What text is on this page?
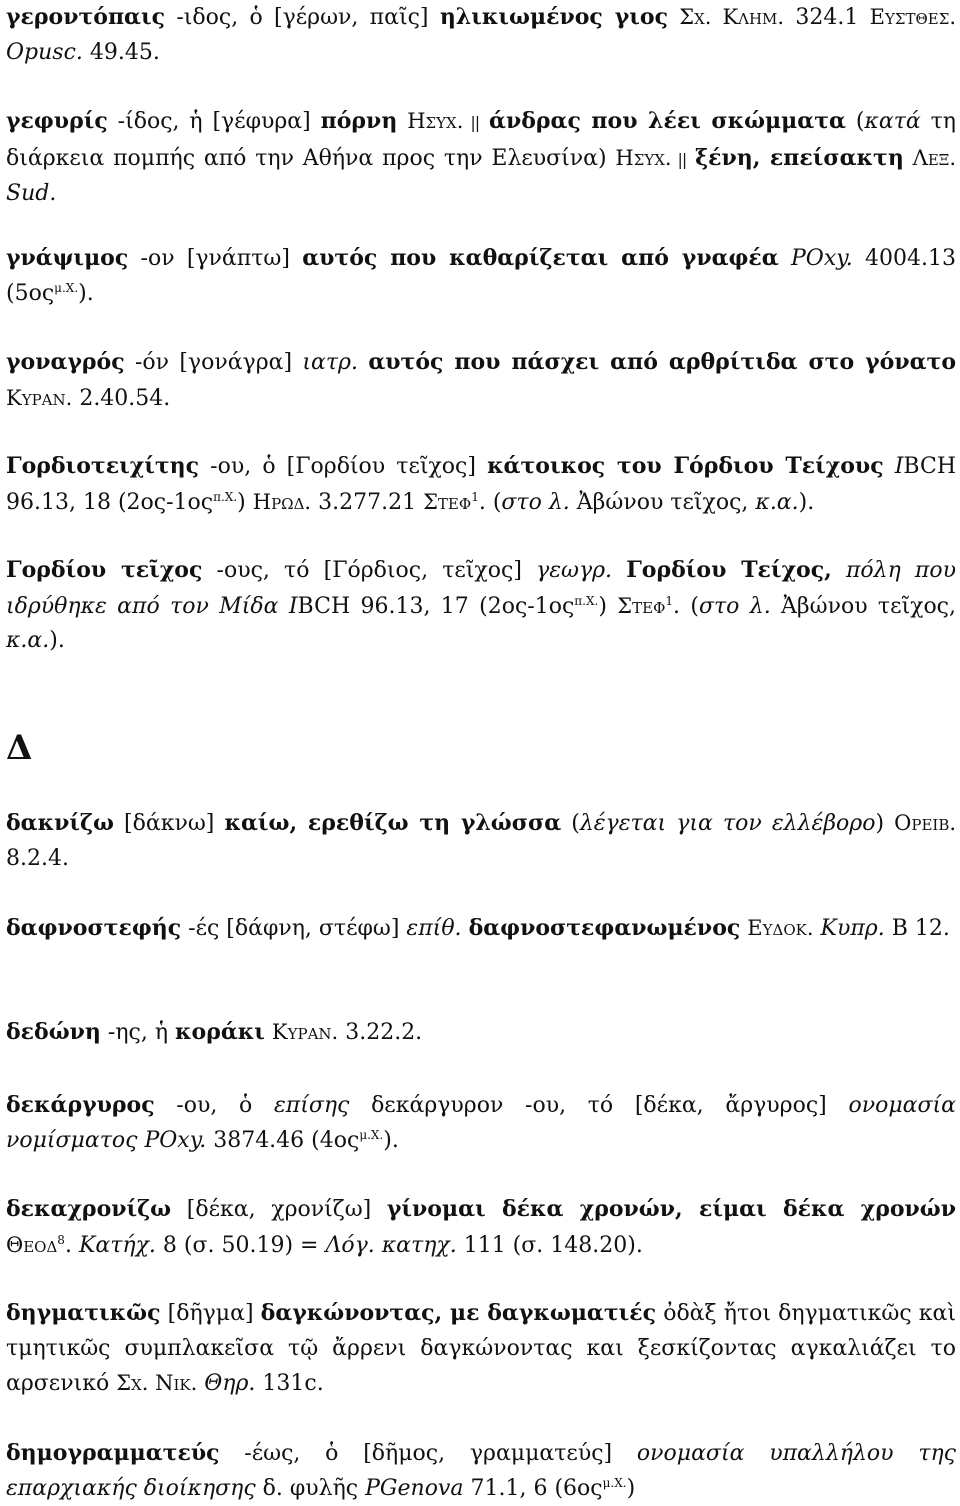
γεροντόπαις -ιδος, ὁ [γέρων, παῖς] ηλικιωμένος γιος Σχ. Κλημ. 324.1 Ευστθεσ. Opusc. 49.45.
γεφυρίς -ίδος, ἡ [γέφυρα] πόρνη Ησυχ. || άνδρας που λέει σκώμματα (κατά τη διάρκεια πομπής από την Αθήνα προς την Ελευσίνα) Ησυχ. || ξένη, επείσακτη Λεξ. Sud.
γνάψιμος -ον [γνάπτω] αυτός που καθαρίζεται από γναφέα POxy. 4004.13 $(5o\varsigma^{\mu.X.})$.
γοναγρός -όν [γονάγρα] ιατρ. αυτός που πάσχει από αρθρίτιδα στο γόνατο Κυραν. 2.40.54.
Γορδιοτειχίτης -ου, ὁ [Γορδίου τεῖχος] κάτοικος του Γόρδιου Τείχους IBCH 96.13, 18 $(2o\varsigma-1o\varsigma^{\pi.X.})$ Ηρωδ. 3.277.21 Στεφ$^1$. (στο λ. Ἀβώνου τεῖχος, κ.α.).
Γορδίου τεῖχος -ους, τό [Γόρδιος, τεῖχος] γεωγρ. Γορδίου Τείχος, πόλη που ιδρύθηκε από τον Μίδα IBCH 96.13, 17 $(2o\varsigma-1o\varsigma^{\pi.X.})$ Στεφ$^1$. (στο λ. Ἀβώνου τεῖχος, κ.α.).
Δ
δακνίζω [δάκνω] καίω, ερεθίζω τη γλώσσα (λέγεται για τον ελλέβορο) Ορειβ. 8.2.4.
δαφνοστεφής -ές [δάφνη, στέφω] επίθ. δαφνοστεφανωμένος Ευδοκ. Κυπρ. Β 12.
δεδώνη -ης, ἡ κοράκι Κυραν. 3.22.2.
δεκάργυρος -ου, ὁ επίσης δεκάργυρον -ου, τό [δέκα, ἄργυρος] ονομασία νομίσματος POxy. 3874.46 $(4o\varsigma^{\mu.X.})$.
δεκαχρονίζω [δέκα, χρονίζω] γίνομαι δέκα χρονών, είμαι δέκα χρονών Θεοδ$^8$. Κατήχ. 8 (σ. 50.19) = Λόγ. κατηχ. 111 (σ. 148.20).
δηγματικῶς [δῆγμα] δαγκώνοντας, με δαγκωματιές ὀδὰξ ἤτοι δηγματικῶς καὶ τμητικῶς συμπλακεῖσα τῷ ἄρρενι δαγκώνοντας και ξεσκίζοντας αγκαλιάζει το αρσενικό Σχ. Νικ. Θηρ. 131c.
δημογραμματεύς -έως, ὁ [δῆμος, γραμματεύς] ονομασία υπαλλήλου της επαρχιακής διοίκησης δ. φυλῆς PGenova 71.1, 6 $(6o\varsigma^{\mu.X.})$
